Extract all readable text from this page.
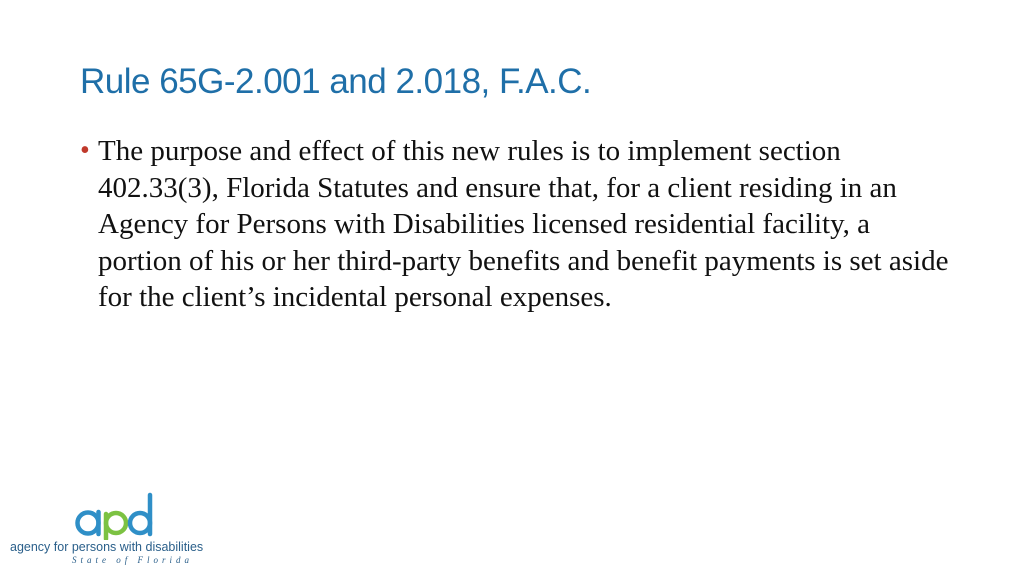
Rule 65G-2.001 and 2.018, F.A.C.
• The purpose and effect of this new rules is to implement section 402.33(3), Florida Statutes and ensure that, for a client residing in an Agency for Persons with Disabilities licensed residential facility, a portion of his or her third-party benefits and benefit payments is set aside for the client’s incidental personal expenses.

agency for persons with disabilities
State of Florida
